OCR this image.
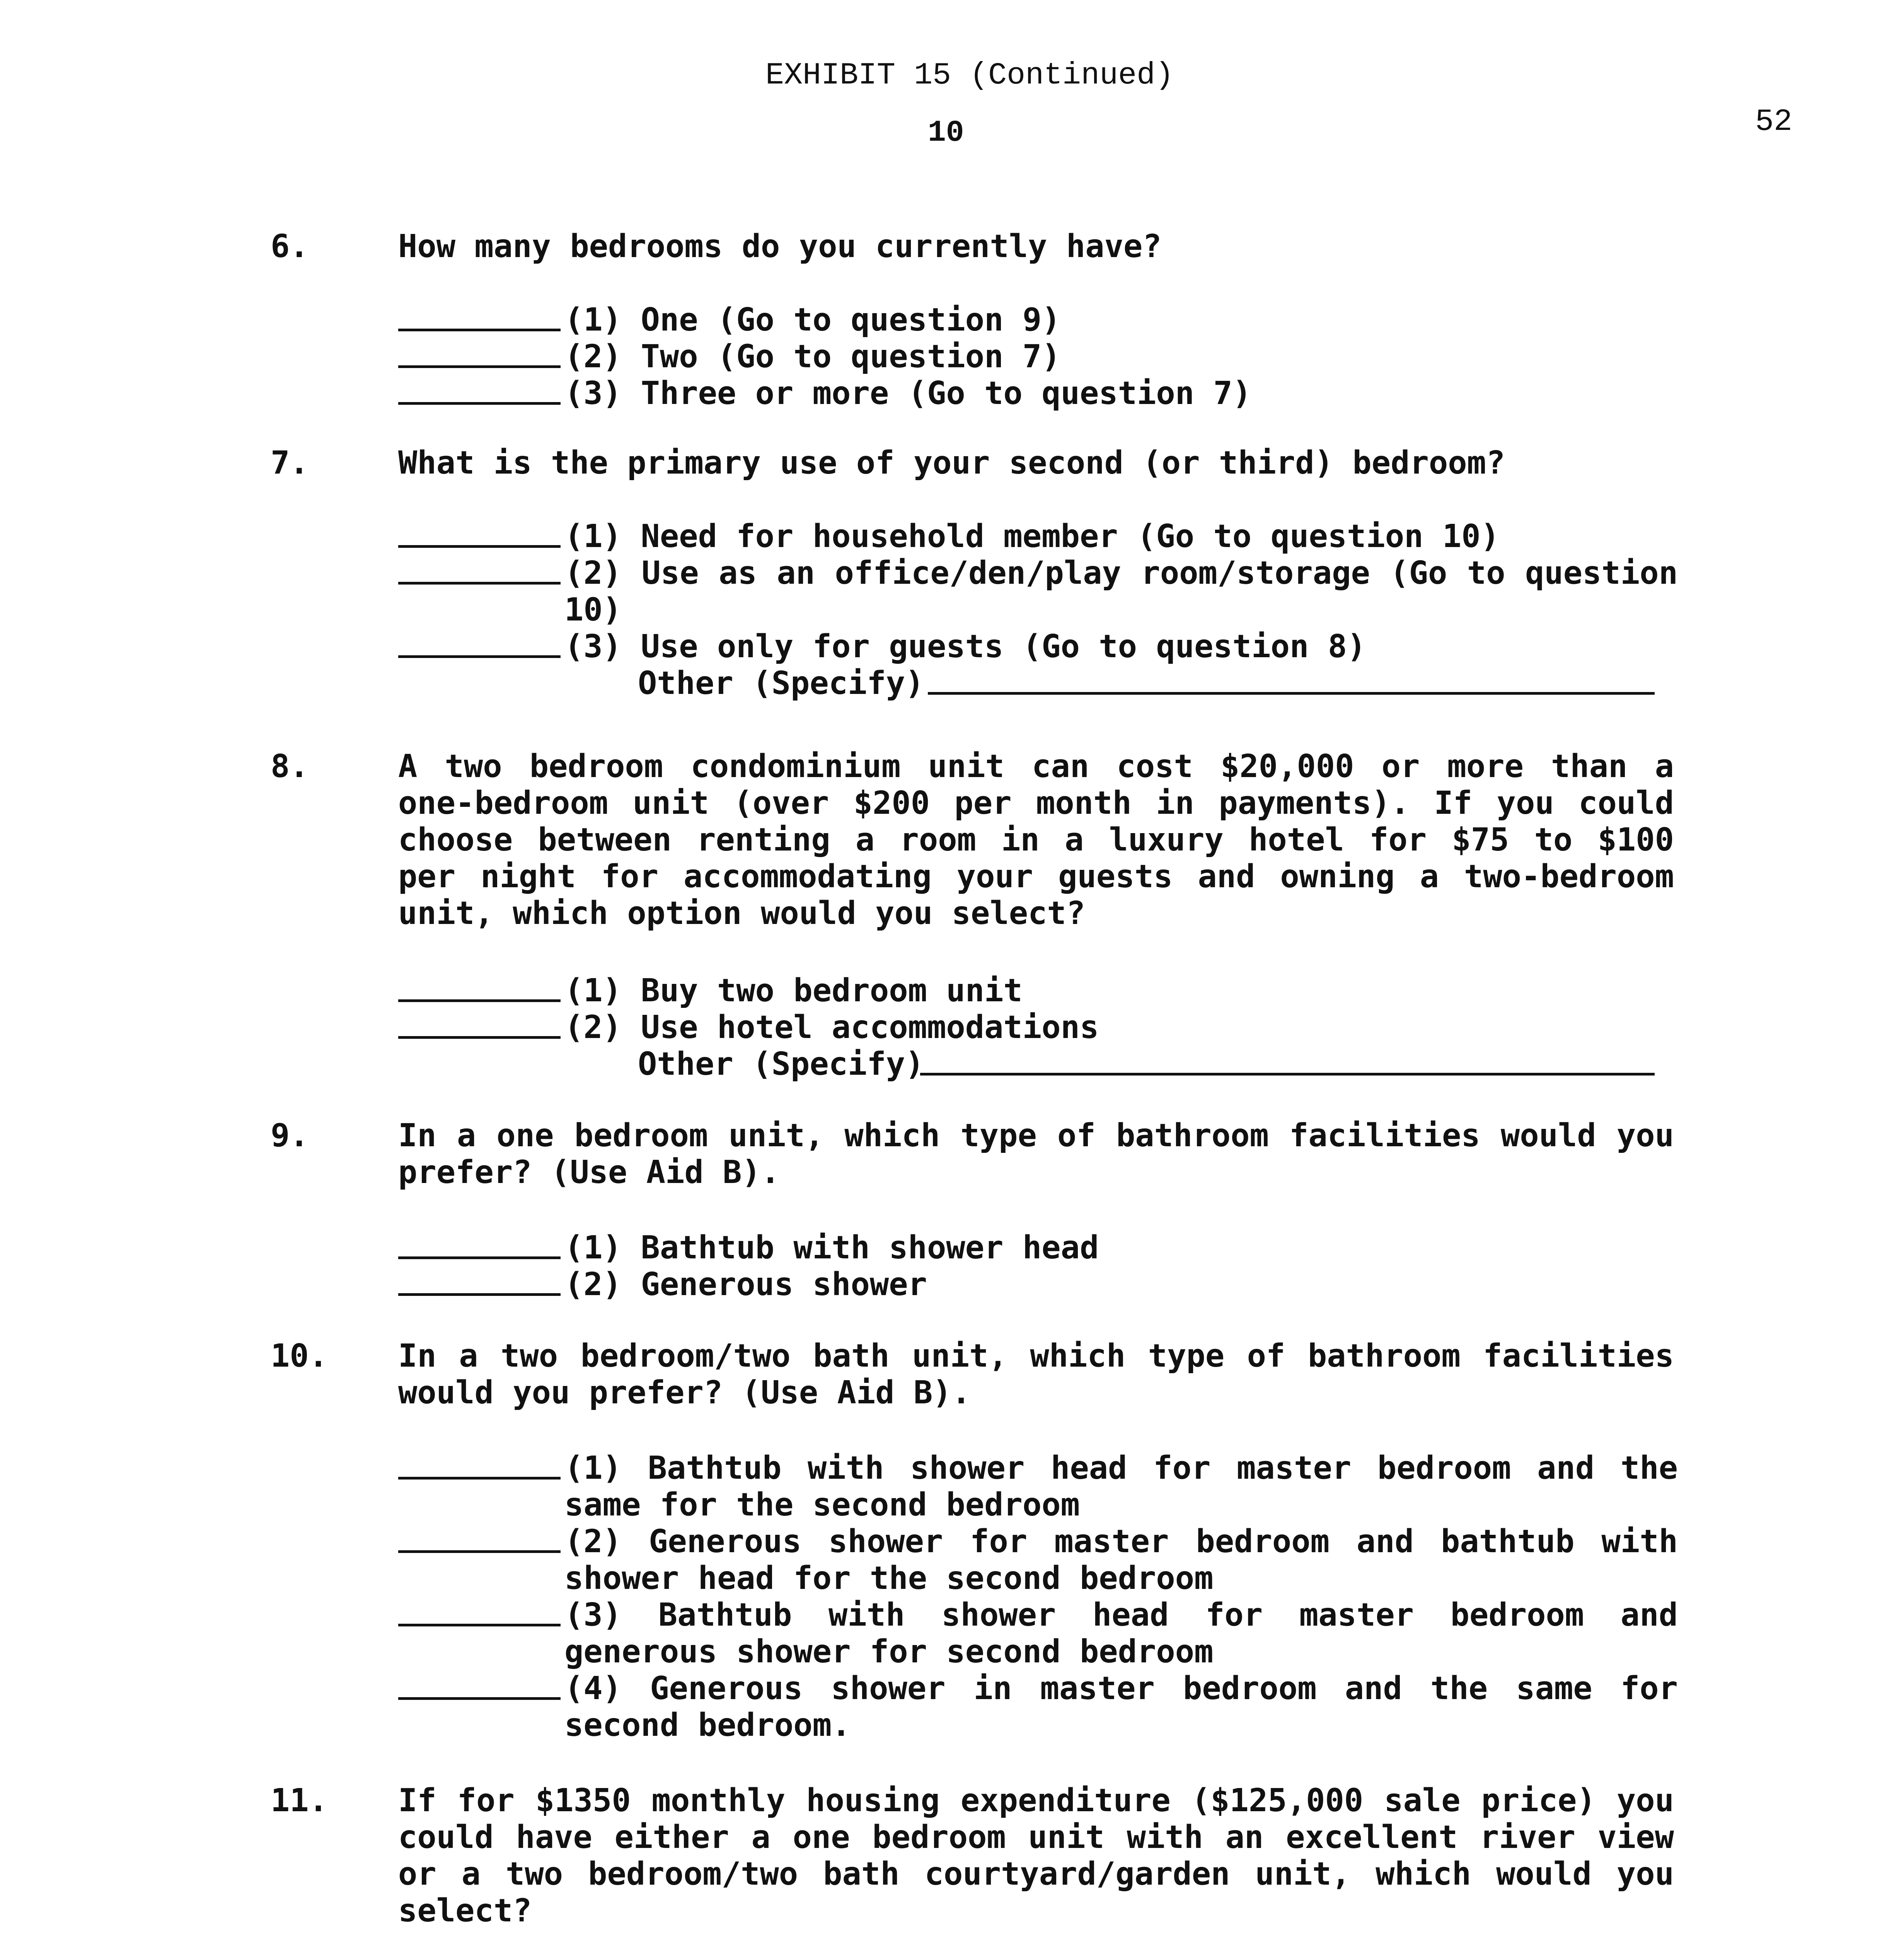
EXHIBIT 15 (Continued)
10	52
6.	How many bedrooms do you currently have?
(1) One (Go to question 9)
(2) Two (Go to question 7)
(3) Three or more (Go to question 7)
7.	What is the primary use of your second (or third) bedroom?
(1) Need for household member (Go to question 10)
(2) Use as an office/den/play room/storage (Go to question 10)
(3) Use only for guests (Go to question 8)
Other (Specify)
8.	A two bedroom condominium unit can cost $20,000 or more than a one-bedroom unit (over $200 per month in payments). If you could choose between renting a room in a luxury hotel for $75 to $100 per night for accommodating your guests and owning a two-bedroom unit, which option would you select?
(1) Buy two bedroom unit
(2) Use hotel accommodations
Other (Specify)
9.	In a one bedroom unit, which type of bathroom facilities would you prefer? (Use Aid B).
(1) Bathtub with shower head
(2) Generous shower
10. In a two bedroom/two bath unit, which type of bathroom facilities would you prefer? (Use Aid B).
(1) Bathtub with shower head for master bedroom and the same for the second bedroom
(2) Generous shower for master bedroom and bathtub with shower head for the second bedroom
(3) Bathtub with shower head for master bedroom and generous shower for second bedroom
(4) Generous shower in master bedroom and the same for second bedroom.
11. If for $1350 monthly housing expenditure ($125,000 sale price) you could have either a one bedroom unit with an excellent river view or a two bedroom/two bath courtyard/garden unit, which would you select?
